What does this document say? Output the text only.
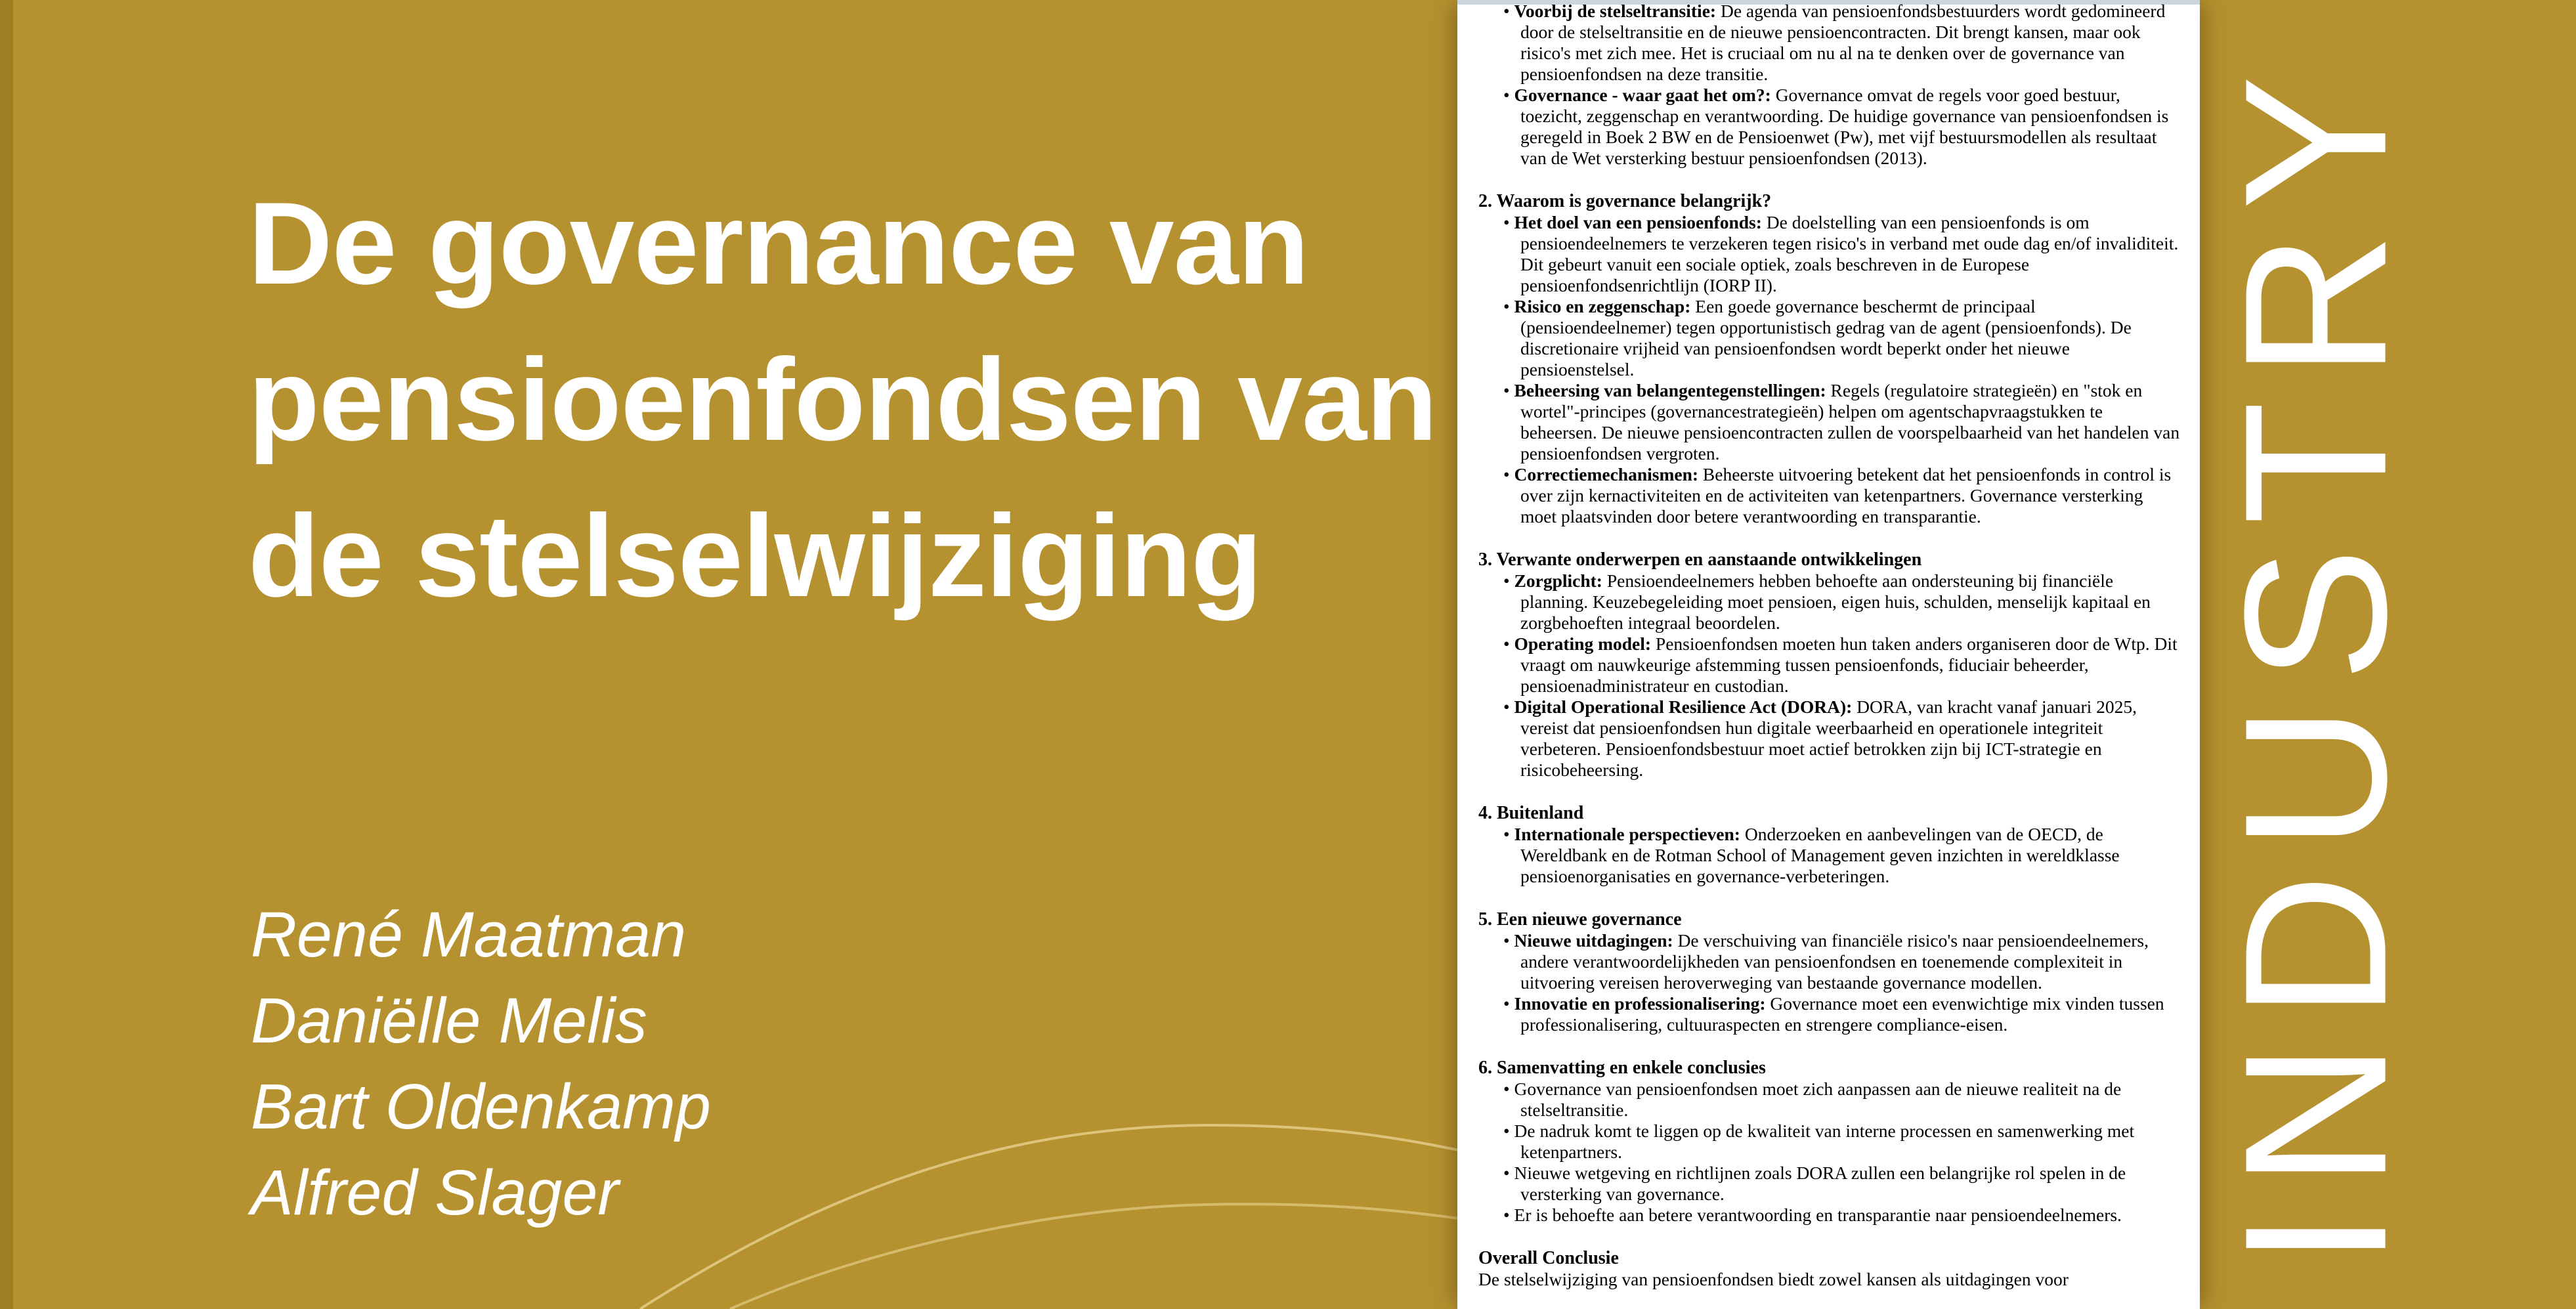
De governance van
pensioenfondsen van
de stelselwijziging
René Maatman
Daniëlle Melis
Bart Oldenkamp
Alfred Slager
I
N
D
U
S
T
R
Y
• Voorbij de stelseltransitie: De agenda van pensioenfondsbestuurders wordt gedomineerd door de stelseltransitie en de nieuwe pensioencontracten. Dit brengt kansen, maar ook risico's met zich mee. Het is cruciaal om nu al na te denken over de governance van pensioenfondsen na deze transitie.
• Governance - waar gaat het om?: Governance omvat de regels voor goed bestuur, toezicht, zeggenschap en verantwoording. De huidige governance van pensioenfondsen is geregeld in Boek 2 BW en de Pensioenwet (Pw), met vijf bestuursmodellen als resultaat van de Wet versterking bestuur pensioenfondsen (2013).
2. Waarom is governance belangrijk?
• Het doel van een pensioenfonds: De doelstelling van een pensioenfonds is om pensioendeelnemers te verzekeren tegen risico's in verband met oude dag en/of invaliditeit. Dit gebeurt vanuit een sociale optiek, zoals beschreven in de Europese pensioenfondsenrichtlijn (IORP II).
• Risico en zeggenschap: Een goede governance beschermt de principaal (pensioendeelnemer) tegen opportunistisch gedrag van de agent (pensioenfonds). De discretionaire vrijheid van pensioenfondsen wordt beperkt onder het nieuwe pensioenstelsel.
• Beheersing van belangentegenstellingen: Regels (regulatoire strategieën) en "stok en wortel"-principes (governancestrategieën) helpen om agentschapvraagstukken te beheersen. De nieuwe pensioencontracten zullen de voorspelbaarheid van het handelen van pensioenfondsen vergroten.
• Correctiemechanismen: Beheerste uitvoering betekent dat het pensioenfonds in control is over zijn kernactiviteiten en de activiteiten van ketenpartners. Governance versterking moet plaatsvinden door betere verantwoording en transparantie.
3. Verwante onderwerpen en aanstaande ontwikkelingen
• Zorgplicht: Pensioendeelnemers hebben behoefte aan ondersteuning bij financiële planning. Keuzebegeleiding moet pensioen, eigen huis, schulden, menselijk kapitaal en zorgbehoeften integraal beoordelen.
• Operating model: Pensioenfondsen moeten hun taken anders organiseren door de Wtp. Dit vraagt om nauwkeurige afstemming tussen pensioenfonds, fiduciair beheerder, pensioenadministrateur en custodian.
• Digital Operational Resilience Act (DORA): DORA, van kracht vanaf januari 2025, vereist dat pensioenfondsen hun digitale weerbaarheid en operationele integriteit verbeteren. Pensioenfondsbestuur moet actief betrokken zijn bij ICT-strategie en risicobeheersing.
4. Buitenland
• Internationale perspectieven: Onderzoeken en aanbevelingen van de OECD, de Wereldbank en de Rotman School of Management geven inzichten in wereldklasse pensioenorganisaties en governance-verbeteringen.
5. Een nieuwe governance
• Nieuwe uitdagingen: De verschuiving van financiële risico's naar pensioendeelnemers, andere verantwoordelijkheden van pensioenfondsen en toenemende complexiteit in uitvoering vereisen heroverweging van bestaande governance modellen.
• Innovatie en professionalisering: Governance moet een evenwichtige mix vinden tussen professionalisering, cultuuraspecten en strengere compliance-eisen.
6. Samenvatting en enkele conclusies
• Governance van pensioenfondsen moet zich aanpassen aan de nieuwe realiteit na de stelseltransitie.
• De nadruk komt te liggen op de kwaliteit van interne processen en samenwerking met ketenpartners.
• Nieuwe wetgeving en richtlijnen zoals DORA zullen een belangrijke rol spelen in de versterking van governance.
• Er is behoefte aan betere verantwoording en transparantie naar pensioendeelnemers.
Overall Conclusie

De stelselwijziging van pensioenfondsen biedt zowel kansen als uitdagingen voor
